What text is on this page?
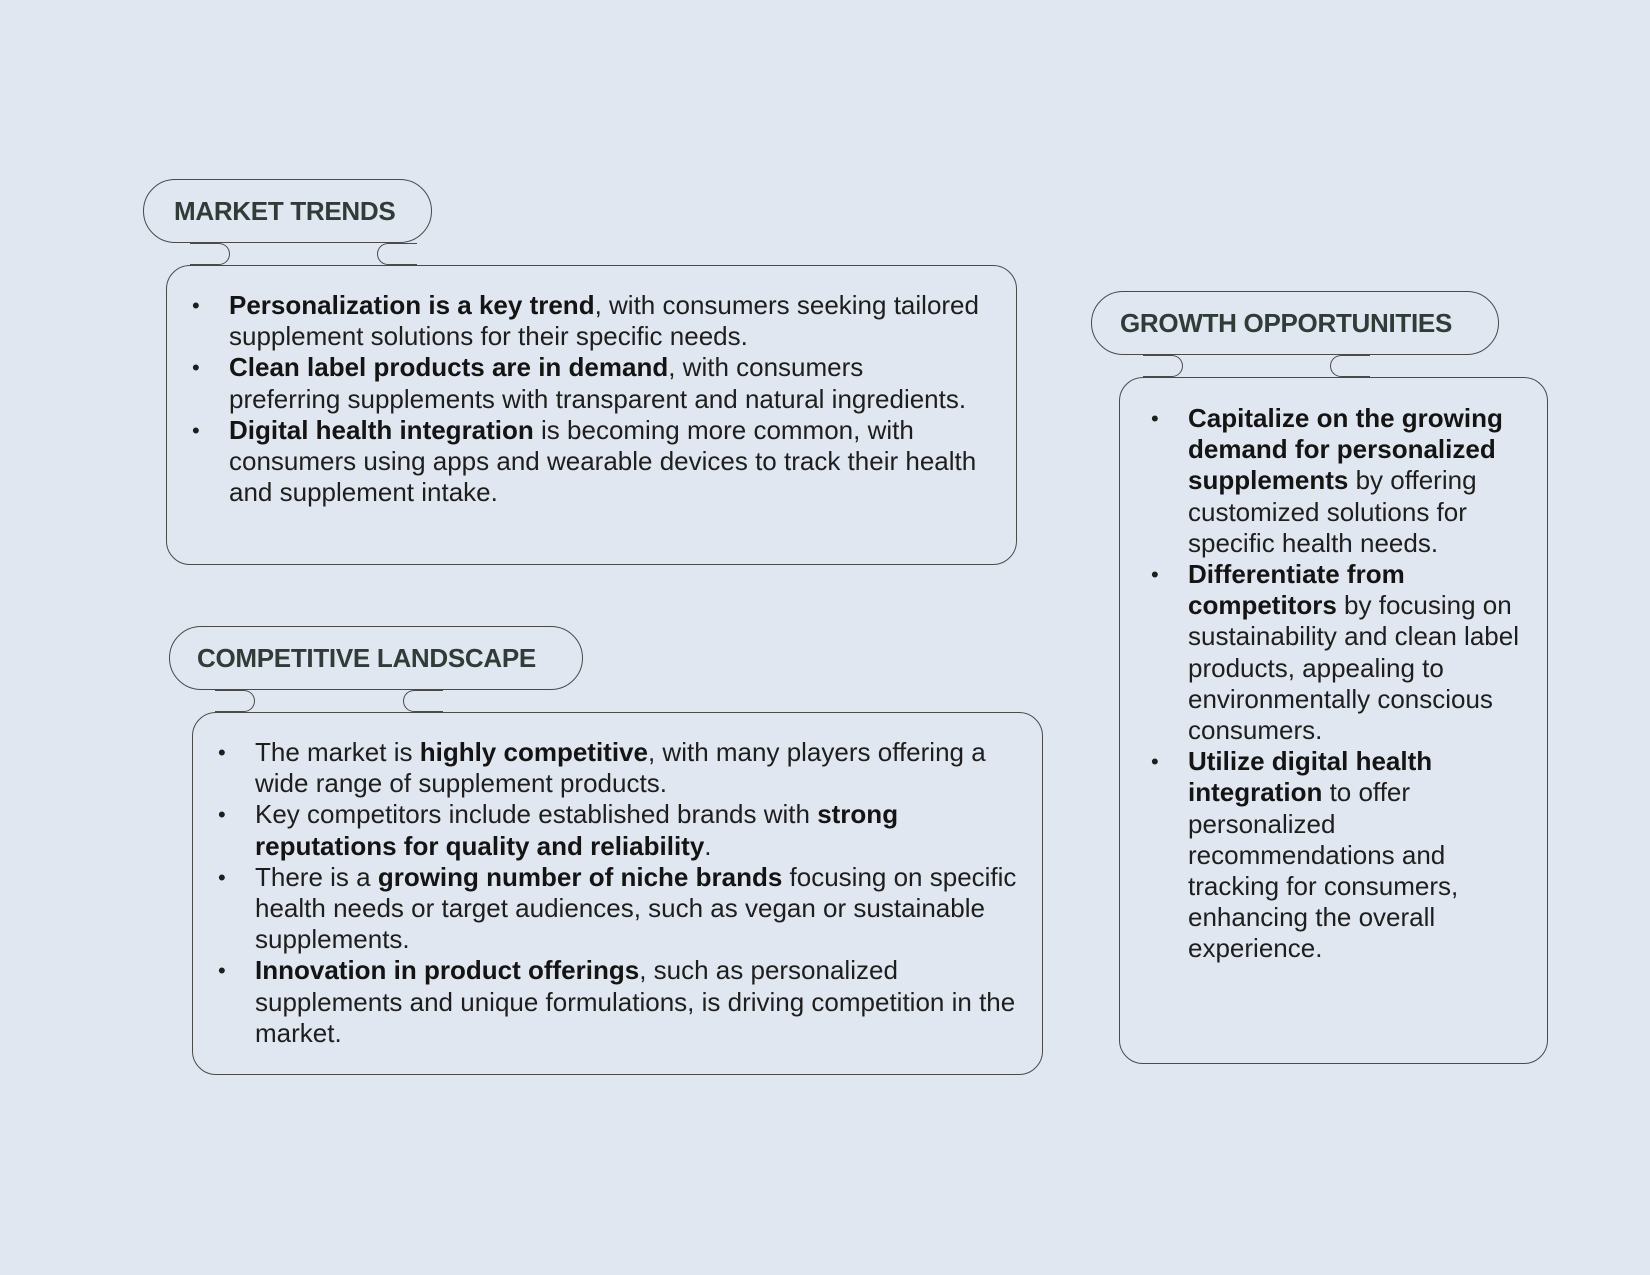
MARKET TRENDS
• Personalization is a key trend, with consumers seeking tailored supplement solutions for their specific needs.
• Clean label products are in demand, with consumers preferring supplements with transparent and natural ingredients.
• Digital health integration is becoming more common, with consumers using apps and wearable devices to track their health and supplement intake.
COMPETITIVE LANDSCAPE
• The market is highly competitive, with many players offering a wide range of supplement products.
• Key competitors include established brands with strong reputations for quality and reliability.
• There is a growing number of niche brands focusing on specific health needs or target audiences, such as vegan or sustainable supplements.
• Innovation in product offerings, such as personalized supplements and unique formulations, is driving competition in the market.
GROWTH OPPORTUNITIES
• Capitalize on the growing demand for personalized supplements by offering customized solutions for specific health needs.
• Differentiate from competitors by focusing on sustainability and clean label products, appealing to environmentally conscious consumers.
• Utilize digital health integration to offer personalized recommendations and tracking for consumers, enhancing the overall experience.
